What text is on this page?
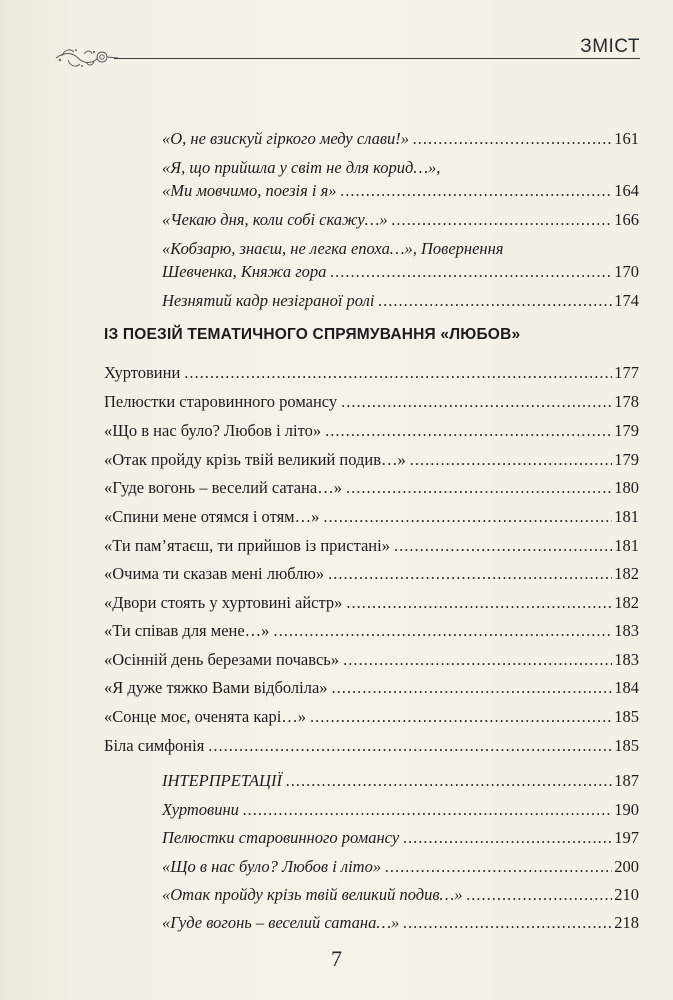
ЗМІСТ
«О, не взискуй гіркого меду слави!» .....	161
«Я, що прийшла у світ не для корид…»,
«Ми мовчимо, поезія і я» .....	164
«Чекаю дня, коли собі скажу…» .....	166
«Кобзарю, знаєш, не легка епоха…», Повернення
Шевченка, Княжа гора .....	170
Незнятий кадр незіграної ролі .....	174
ІЗ ПОЕЗІЙ ТЕМАТИЧНОГО СПРЯМУВАННЯ «ЛЮБОВ»
Хуртовини .....	177
Пелюстки старовинного романсу .....	178
«Що в нас було? Любов і літо» .....	179
«Отак пройду крізь твій великий подив…» .....	179
«Гуде вогонь – веселий сатана…» .....	180
«Спини мене отямся і отям…» .....	181
«Ти пам’ятаєш, ти прийшов із пристані» .....	181
«Очима ти сказав мені люблю» .....	182
«Двори стоять у хуртовині айстр» .....	182
«Ти співав для мене…» .....	183
«Осінній день березами почавсь» .....	183
«Я дуже тяжко Вами відболіла» .....	184
«Сонце моє, оченята карі…» .....	185
Біла симфонія .....	185
ІНТЕРПРЕТАЦІЇ .....	187
Хуртовини .....	190
Пелюстки старовинного романсу .....	197
«Що в нас було? Любов і літо» .....	200
«Отак пройду крізь твій великий подив…» .....	210
«Гуде вогонь – веселий сатана…» .....	218
7
